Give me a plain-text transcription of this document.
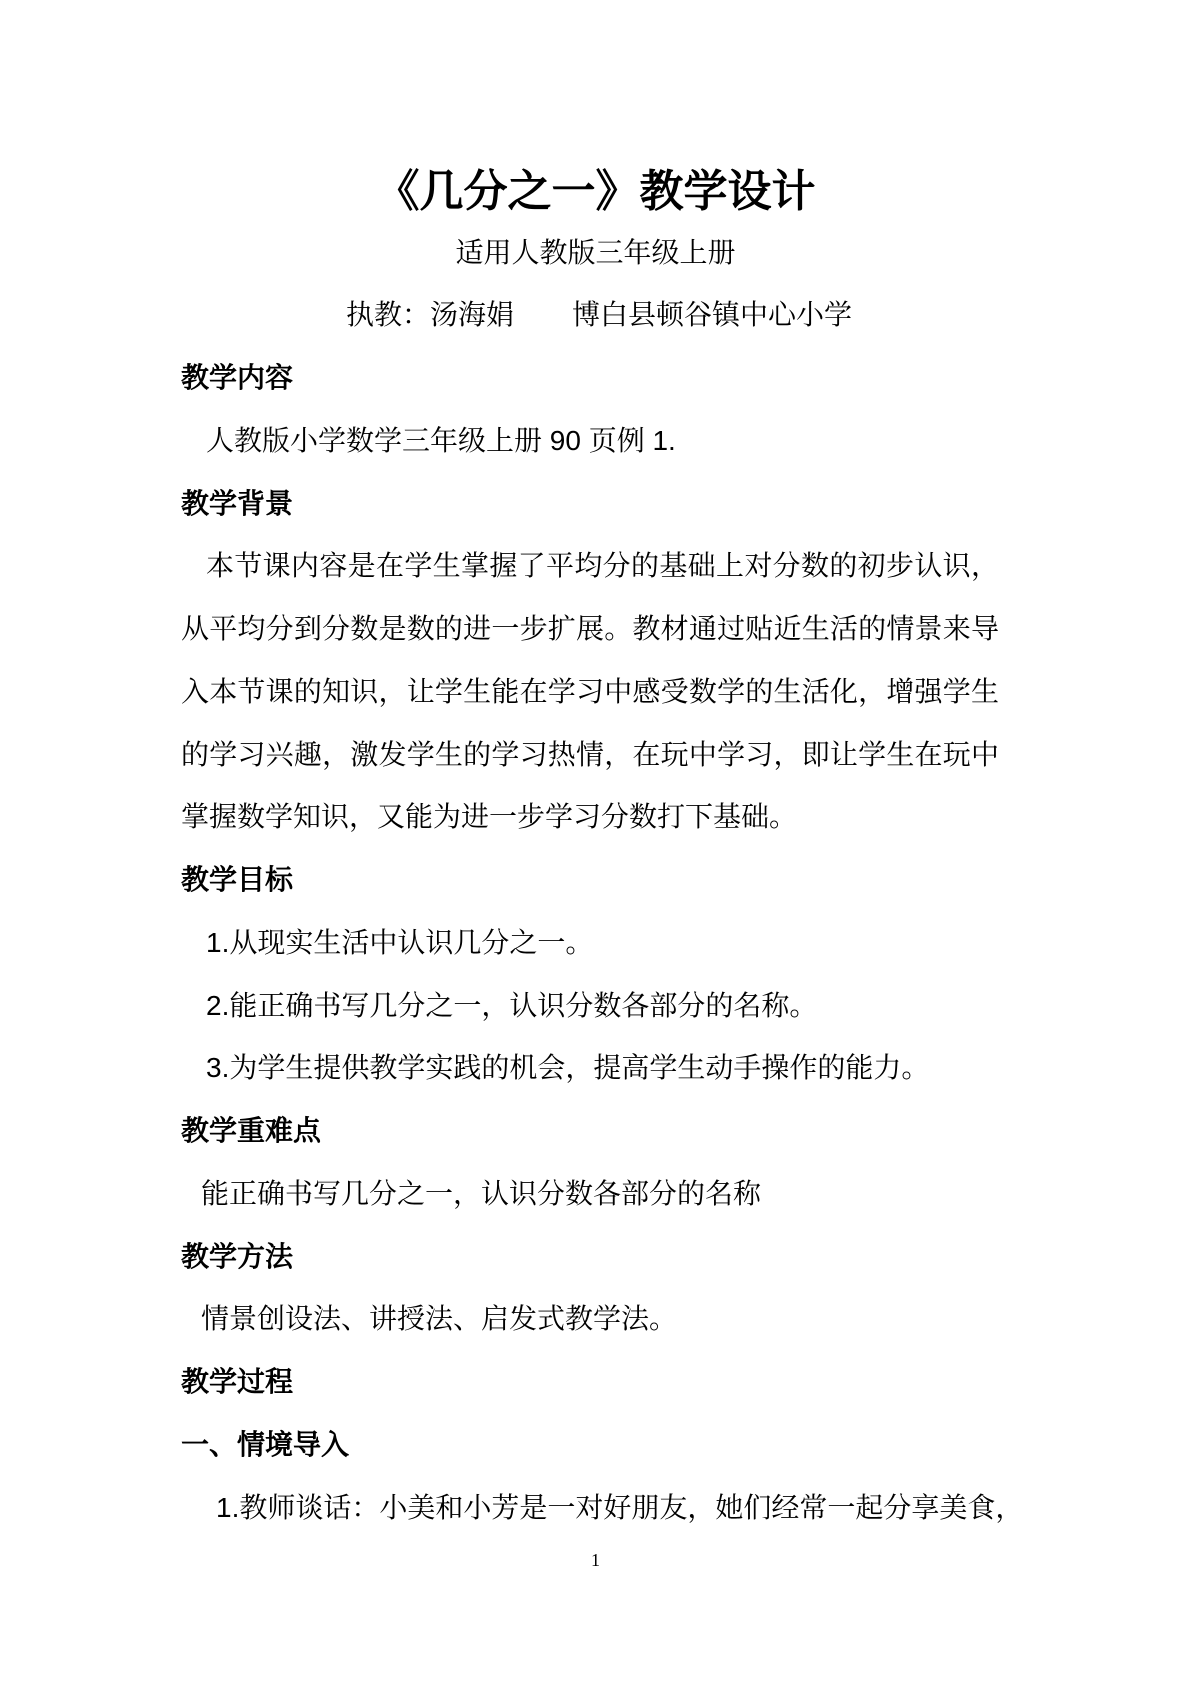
《几分之一》教学设计
适用人教版三年级上册
执教：汤海娟 博白县顿谷镇中心小学
教学内容
人教版小学数学三年级上册 90 页例 1.
教学背景
本节课内容是在学生掌握了平均分的基础上对分数的初步认识，
从平均分到分数是数的进一步扩展。教材通过贴近生活的情景来导
入本节课的知识，让学生能在学习中感受数学的生活化，增强学生
的学习兴趣，激发学生的学习热情，在玩中学习，即让学生在玩中
掌握数学知识，又能为进一步学习分数打下基础。
教学目标
1.从现实生活中认识几分之一。
2.能正确书写几分之一，认识分数各部分的名称。
3.为学生提供教学实践的机会，提高学生动手操作的能力。
教学重难点
能正确书写几分之一，认识分数各部分的名称
教学方法
情景创设法、讲授法、启发式教学法。
教学过程
一、情境导入
1.教师谈话：小美和小芳是一对好朋友，她们经常一起分享美食，
1
